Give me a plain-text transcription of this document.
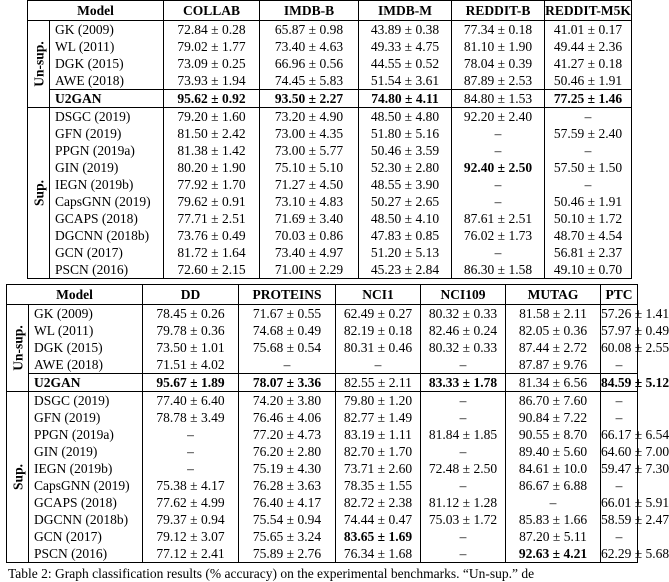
Model		COLLAB	IMDB-B	IMDB-M	REDDIT-B	REDDIT-M5K

Un-sup.	GK (2009)	72.84 ± 0.28	65.87 ± 0.98	43.89 ± 0.38	77.34 ± 0.18	41.01 ± 0.17
	WL (2011)	79.02 ± 1.77	73.40 ± 4.63	49.33 ± 4.75	81.10 ± 1.90	49.44 ± 2.36
	DGK (2015)	73.09 ± 0.25	66.96 ± 0.56	44.55 ± 0.52	78.04 ± 0.39	41.27 ± 0.18
	AWE (2018)	73.93 ± 1.94	74.45 ± 5.83	51.54 ± 3.61	87.89 ± 2.53	50.46 ± 1.91
	U2GAN	95.62 ± 0.92	93.50 ± 2.27	74.80 ± 4.11	84.80 ± 1.53	77.25 ± 1.46

Sup.	DSGC (2019)	79.20 ± 1.60	73.20 ± 4.90	48.50 ± 4.80	92.20 ± 2.40	–
	GFN (2019)	81.50 ± 2.42	73.00 ± 4.35	51.80 ± 5.16	–	57.59 ± 2.40
	PPGN (2019a)	81.38 ± 1.42	73.00 ± 5.77	50.46 ± 3.59	–	–
	GIN (2019)	80.20 ± 1.90	75.10 ± 5.10	52.30 ± 2.80	92.40 ± 2.50	57.50 ± 1.50
	IEGN (2019b)	77.92 ± 1.70	71.27 ± 4.50	48.55 ± 3.90	–	–
	CapsGNN (2019)	79.62 ± 0.91	73.10 ± 4.83	50.27 ± 2.65	–	50.46 ± 1.91
	GCAPS (2018)	77.71 ± 2.51	71.69 ± 3.40	48.50 ± 4.10	87.61 ± 2.51	50.10 ± 1.72
	DGCNN (2018b)	73.76 ± 0.49	70.03 ± 0.86	47.83 ± 0.85	76.02 ± 1.73	48.70 ± 4.54
	GCN (2017)	81.72 ± 1.64	73.40 ± 4.97	51.20 ± 5.13	–	56.81 ± 2.37
	PSCN (2016)	72.60 ± 2.15	71.00 ± 2.29	45.23 ± 2.84	86.30 ± 1.58	49.10 ± 0.70
Model		DD	PROTEINS	NCI1	NCI109	MUTAG	PTC

Un-sup.	GK (2009)	78.45 ± 0.26	71.67 ± 0.55	62.49 ± 0.27	80.32 ± 0.33	81.58 ± 2.11	57.26 ± 1.41
	WL (2011)	79.78 ± 0.36	74.68 ± 0.49	82.19 ± 0.18	82.46 ± 0.24	82.05 ± 0.36	57.97 ± 0.49
	DGK (2015)	73.50 ± 1.01	75.68 ± 0.54	80.31 ± 0.46	80.32 ± 0.33	87.44 ± 2.72	60.08 ± 2.55
	AWE (2018)	71.51 ± 4.02	–	–	–	87.87 ± 9.76	–
	U2GAN	95.67 ± 1.89	78.07 ± 3.36	82.55 ± 2.11	83.33 ± 1.78	81.34 ± 6.56	84.59 ± 5.12

Sup.	DSGC (2019)	77.40 ± 6.40	74.20 ± 3.80	79.80 ± 1.20	–	86.70 ± 7.60	–
	GFN (2019)	78.78 ± 3.49	76.46 ± 4.06	82.77 ± 1.49	–	90.84 ± 7.22	–
	PPGN (2019a)	–	77.20 ± 4.73	83.19 ± 1.11	81.84 ± 1.85	90.55 ± 8.70	66.17 ± 6.54
	GIN (2019)	–	76.20 ± 2.80	82.70 ± 1.70	–	89.40 ± 5.60	64.60 ± 7.00
	IEGN (2019b)	–	75.19 ± 4.30	73.71 ± 2.60	72.48 ± 2.50	84.61 ± 10.0	59.47 ± 7.30
	CapsGNN (2019)	75.38 ± 4.17	76.28 ± 3.63	78.35 ± 1.55	–	86.67 ± 6.88	–
	GCAPS (2018)	77.62 ± 4.99	76.40 ± 4.17	82.72 ± 2.38	81.12 ± 1.28	–	66.01 ± 5.91
	DGCNN (2018b)	79.37 ± 0.94	75.54 ± 0.94	74.44 ± 0.47	75.03 ± 1.72	85.83 ± 1.66	58.59 ± 2.47
	GCN (2017)	79.12 ± 3.07	75.65 ± 3.24	83.65 ± 1.69	–	87.20 ± 5.11	–
	PSCN (2016)	77.12 ± 2.41	75.89 ± 2.76	76.34 ± 1.68	–	92.63 ± 4.21	62.29 ± 5.68
Table 2: Graph classification results (% accuracy) on the experimental benchmarks. “Un-sup.” de
